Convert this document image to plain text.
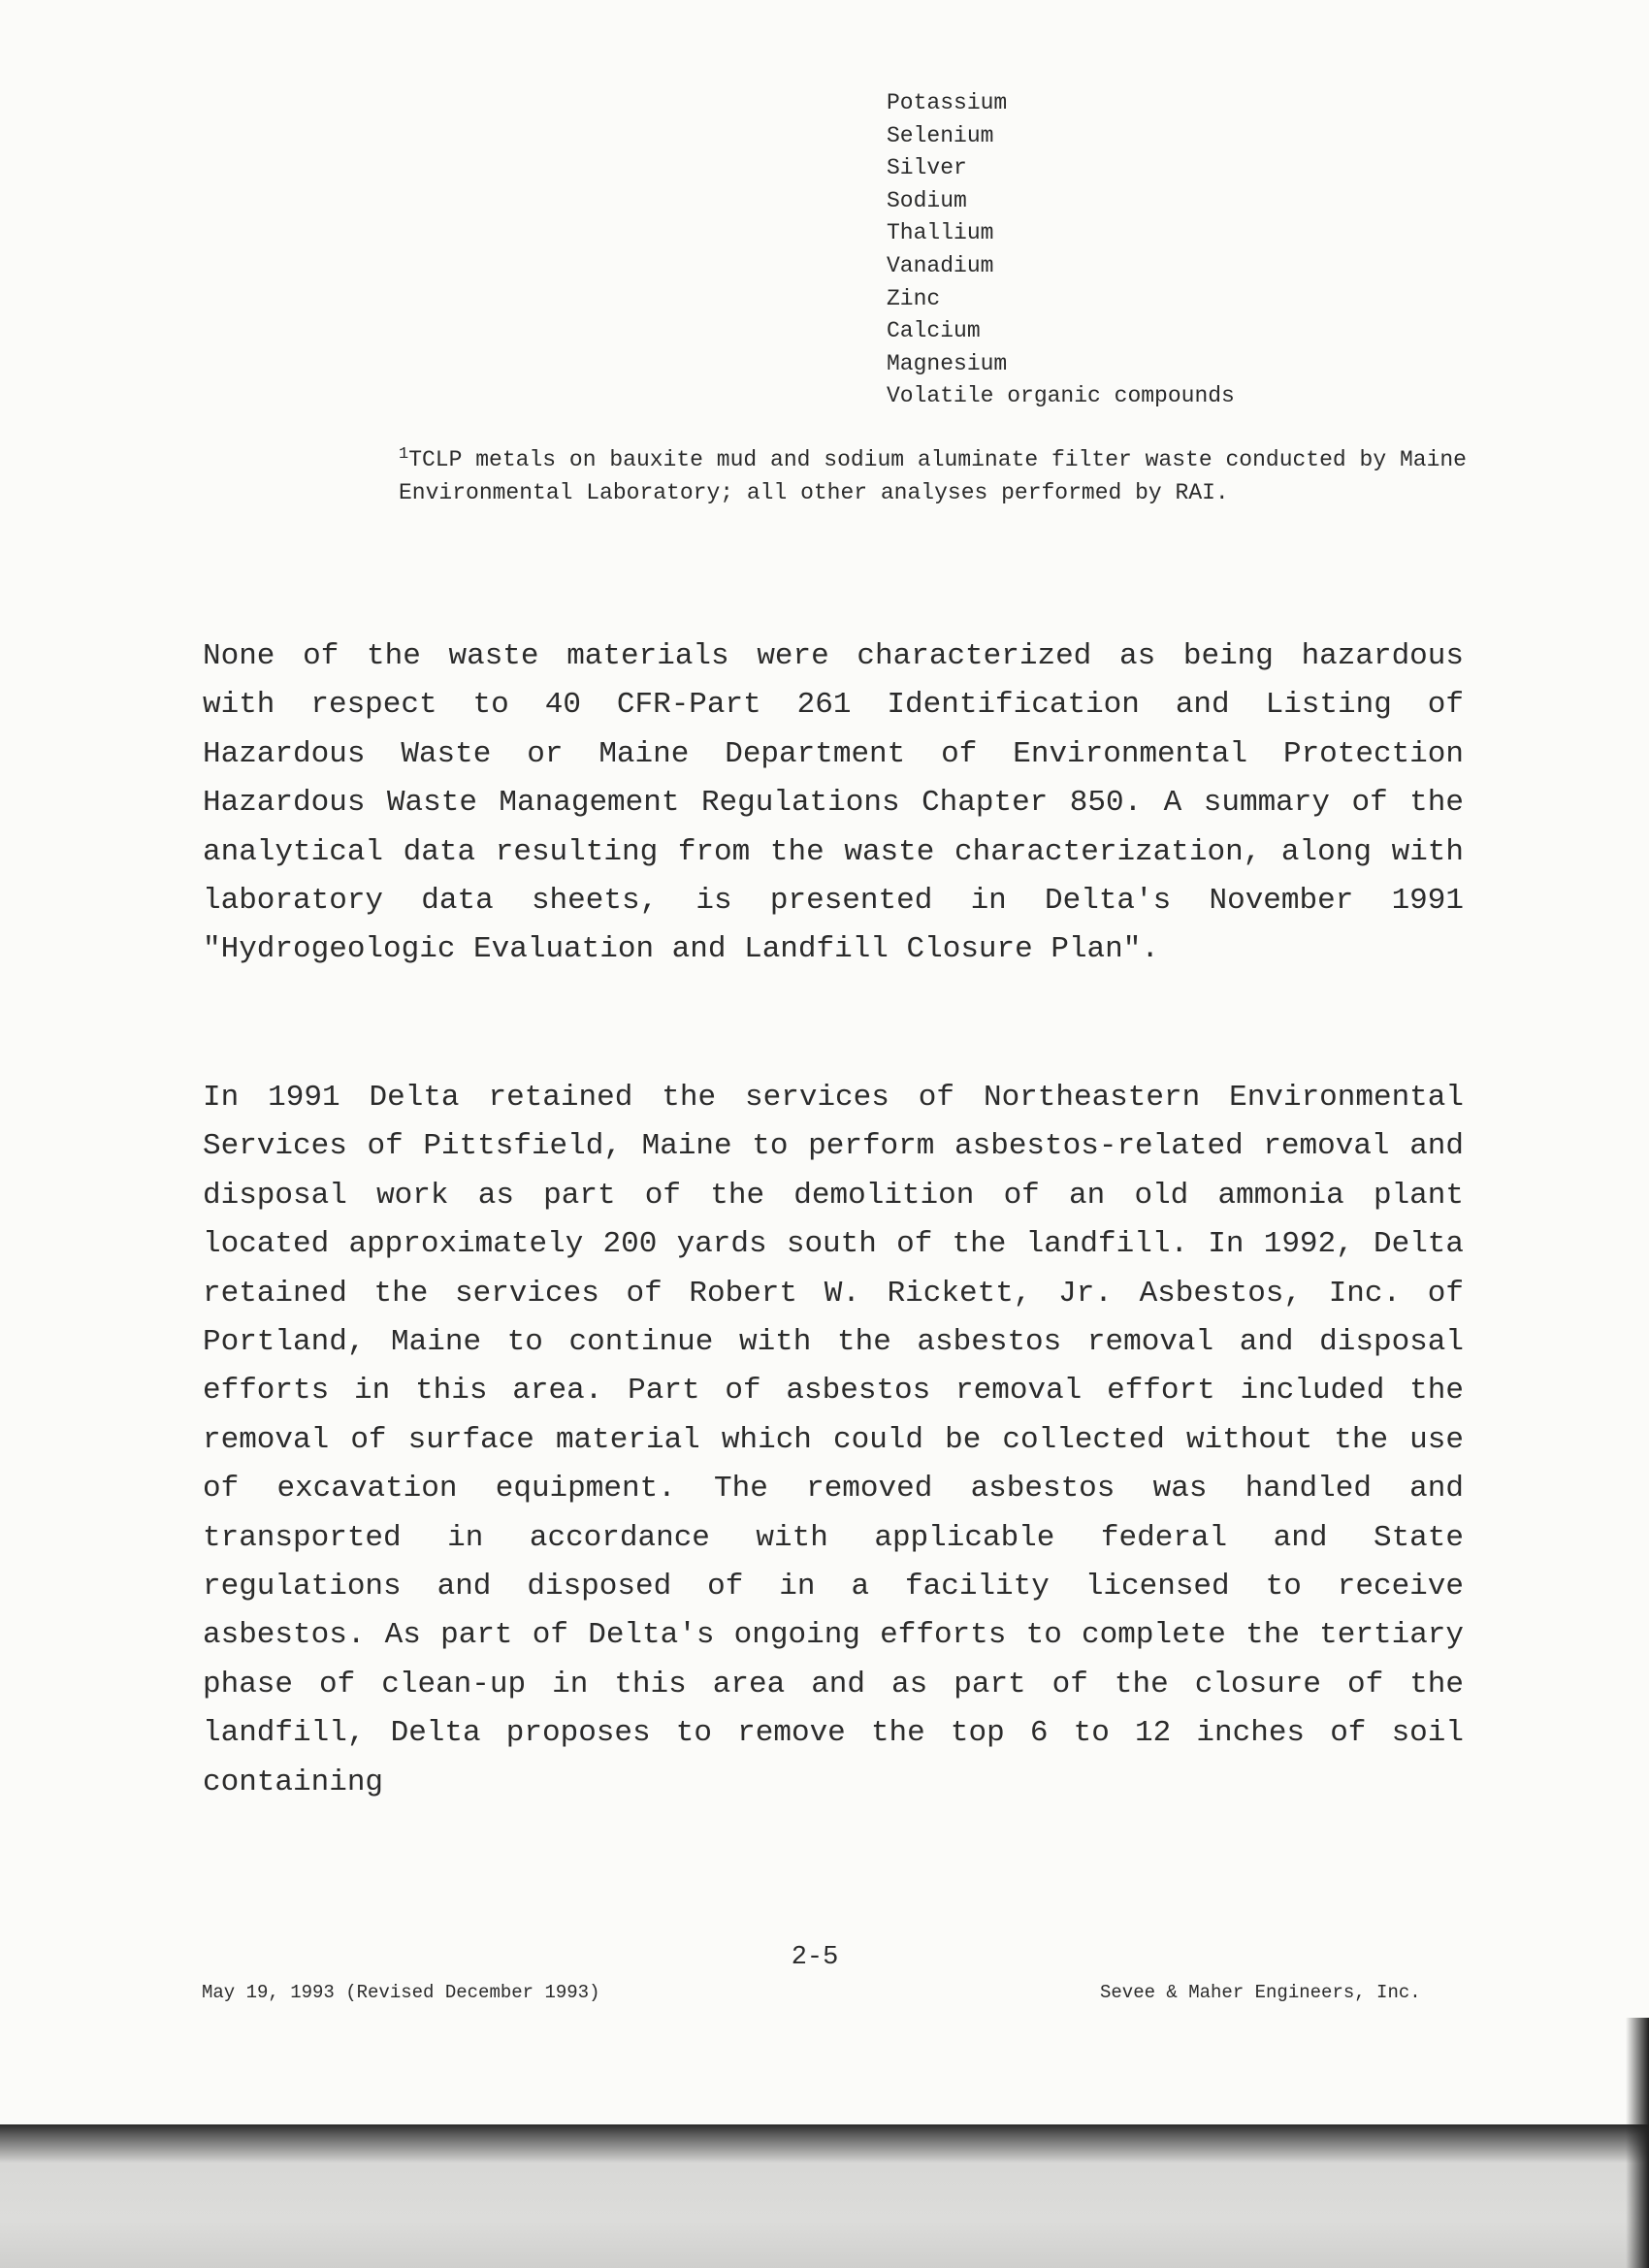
Potassium
Selenium
Silver
Sodium
Thallium
Vanadium
Zinc
Calcium
Magnesium
Volatile organic compounds
$^1$TCLP metals on bauxite mud and sodium aluminate filter waste conducted by Maine Environmental Laboratory; all other analyses performed by RAI.

None of the waste materials were characterized as being hazardous with respect to 40 CFR-Part 261 Identification and Listing of Hazardous Waste or Maine Department of Environmental Protection Hazardous Waste Management Regulations Chapter 850. A summary of the analytical data resulting from the waste characterization, along with laboratory data sheets, is presented in Delta's November 1991 "Hydrogeologic Evaluation and Landfill Closure Plan".

In 1991 Delta retained the services of Northeastern Environmental Services of Pittsfield, Maine to perform asbestos-related removal and disposal work as part of the demolition of an old ammonia plant located approximately 200 yards south of the landfill. In 1992, Delta retained the services of Robert W. Rickett, Jr. Asbestos, Inc. of Portland, Maine to continue with the asbestos removal and disposal efforts in this area. Part of asbestos removal effort included the removal of surface material which could be collected without the use of excavation equipment. The removed asbestos was handled and transported in accordance with applicable federal and State regulations and disposed of in a facility licensed to receive asbestos. As part of Delta's ongoing efforts to complete the tertiary phase of clean-up in this area and as part of the closure of the landfill, Delta proposes to remove the top 6 to 12 inches of soil containing

2-5
May 19, 1993 (Revised December 1993)	Sevee & Maher Engineers, Inc.
